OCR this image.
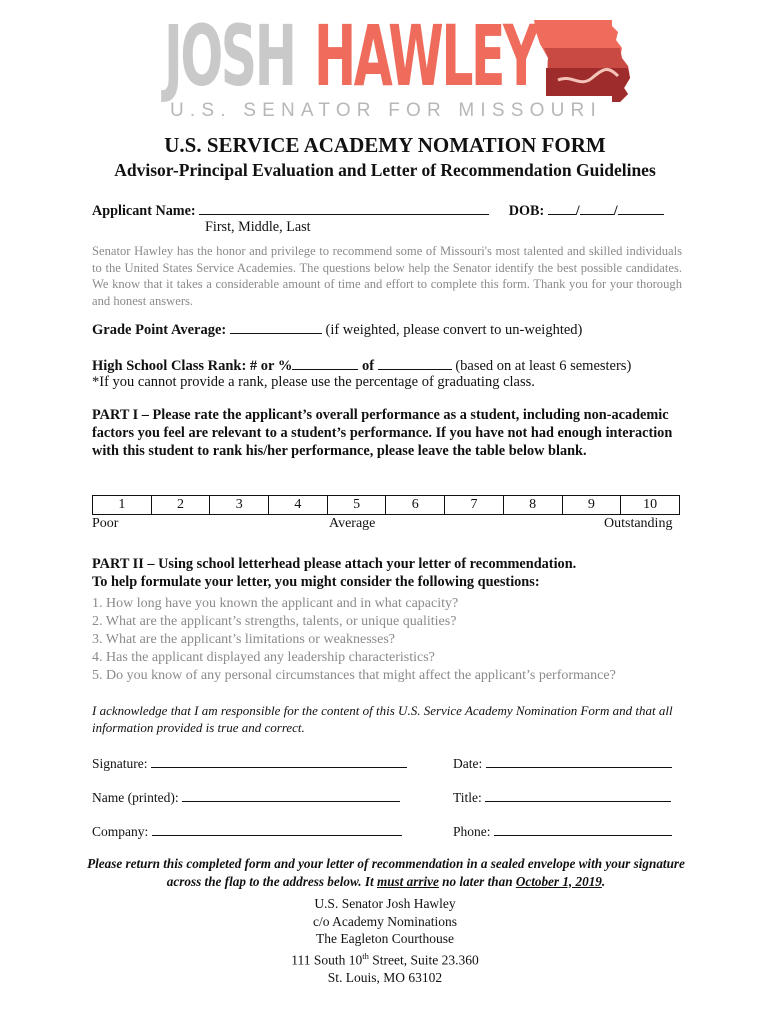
JOSH HAWLEY
U.S. SENATOR FOR MISSOURI
U.S. SERVICE ACADEMY NOMATION FORM
Advisor-Principal Evaluation and Letter of Recommendation Guidelines
Applicant Name:	DOB: / /
First, Middle, Last
Senator Hawley has the honor and privilege to recommend some of Missouri's most talented and skilled individuals to the United States Service Academies. The questions below help the Senator identify the best possible candidates. We know that it takes a considerable amount of time and effort to complete this form. Thank you for your thorough and honest answers.
Grade Point Average:	(if weighted, please convert to un-weighted)
High School Class Rank: # or %	of	(based on at least 6 semesters)
*If you cannot provide a rank, please use the percentage of graduating class.
PART I – Please rate the applicant’s overall performance as a student, including non-academic factors you feel are relevant to a student’s performance. If you have not had enough interaction with this student to rank his/her performance, please leave the table below blank.
1	2	3	4	5	6	7	8	9	10
Poor	Average	Outstanding
PART II – Using school letterhead please attach your letter of recommendation.
To help formulate your letter, you might consider the following questions:
1. How long have you known the applicant and in what capacity?
2. What are the applicant’s strengths, talents, or unique qualities?
3. What are the applicant’s limitations or weaknesses?
4. Has the applicant displayed any leadership characteristics?
5. Do you know of any personal circumstances that might affect the applicant’s performance?
I acknowledge that I am responsible for the content of this U.S. Service Academy Nomination Form and that all information provided is true and correct.
Signature:	Date:
Name (printed):	Title:
Company:	Phone:
Please return this completed form and your letter of recommendation in a sealed envelope with your signature across the flap to the address below. It must arrive no later than October 1, 2019.
U.S. Senator Josh Hawley
c/o Academy Nominations
The Eagleton Courthouse
111 South 10th Street, Suite 23.360
St. Louis, MO 63102
